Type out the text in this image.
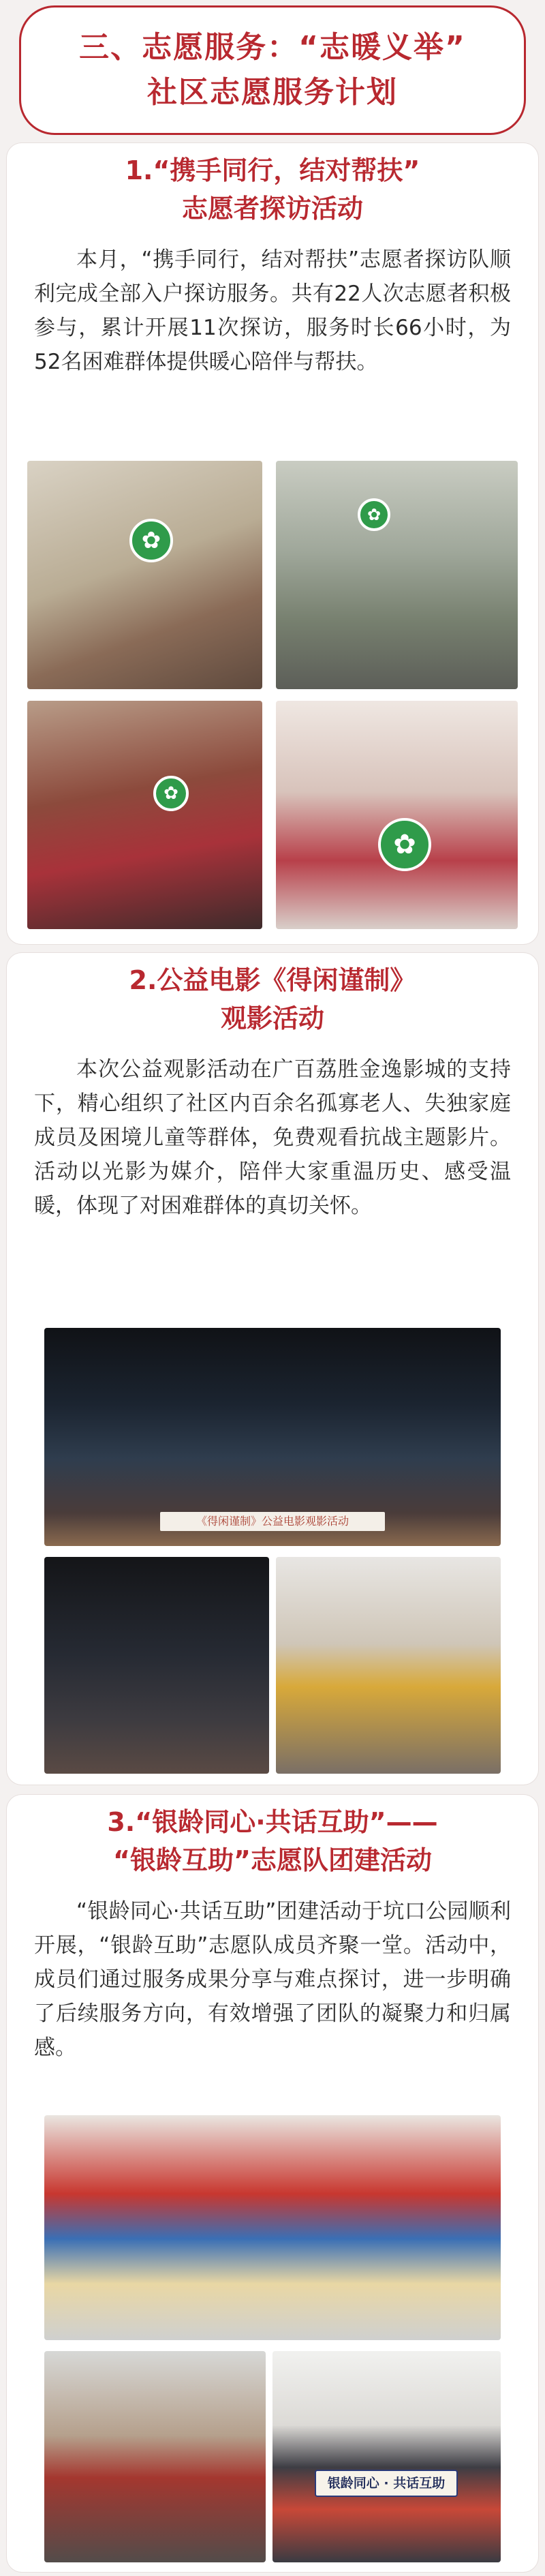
三、志愿服务：“志暖义举”
社区志愿服务计划
1.“携手同行，结对帮扶”
志愿者探访活动
本月，“携手同行，结对帮扶”志愿者探访队顺利完成全部入户探访服务。共有22人次志愿者积极参与，累计开展11次探访，服务时长66小时，为52名困难群体提供暖心陪伴与帮扶。
✿
✿
✿
✿
2.公益电影《得闲谨制》
观影活动
本次公益观影活动在广百荔胜金逸影城的支持下，精心组织了社区内百余名孤寡老人、失独家庭成员及困境儿童等群体，免费观看抗战主题影片。活动以光影为媒介，陪伴大家重温历史、感受温暖，体现了对困难群体的真切关怀。
《得闲谨制》公益电影观影活动
3.“银龄同心·共话互助”——
“银龄互助”志愿队团建活动
“银龄同心·共话互助”团建活动于坑口公园顺利开展，“银龄互助”志愿队成员齐聚一堂。活动中，成员们通过服务成果分享与难点探讨，进一步明确了后续服务方向，有效增强了团队的凝聚力和归属感。
银龄同心 · 共话互助
